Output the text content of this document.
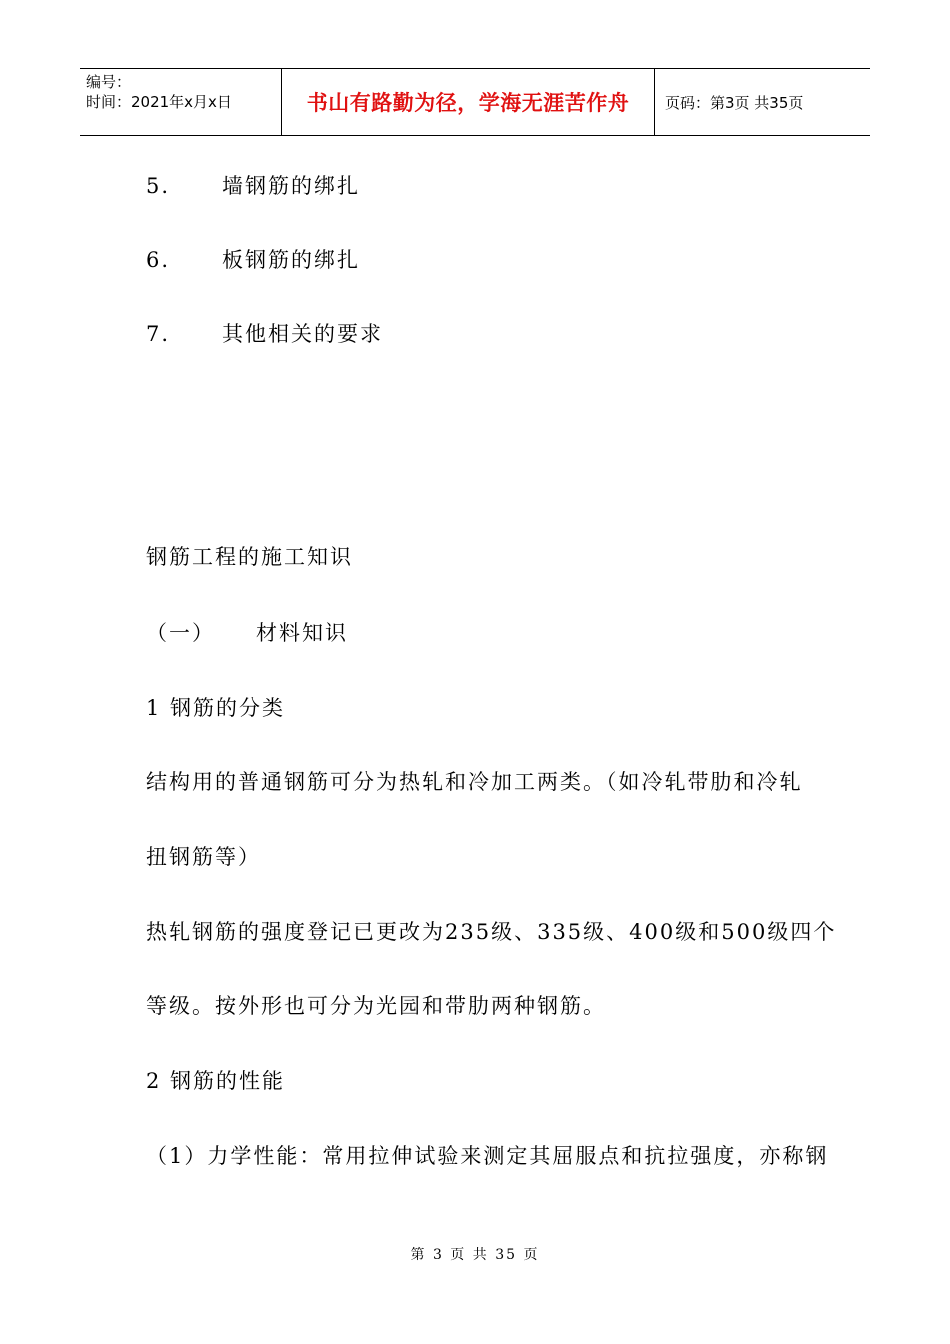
编号：
时间：2021年x月x日	书山有路勤为径，学海无涯苦作舟	页码：第3页 共35页
5. 墙钢筋的绑扎
6. 板钢筋的绑扎
7. 其他相关的要求
钢筋工程的施工知识
（一） 材料知识
1 钢筋的分类
结构用的普通钢筋可分为热轧和冷加工两类。（如冷轧带肋和冷轧
扭钢筋等）
热轧钢筋的强度登记已更改为235级、335级、400级和500级四个
等级。按外形也可分为光园和带肋两种钢筋。
2 钢筋的性能
（1）力学性能：常用拉伸试验来测定其屈服点和抗拉强度，亦称钢
第 3 页 共 35 页
